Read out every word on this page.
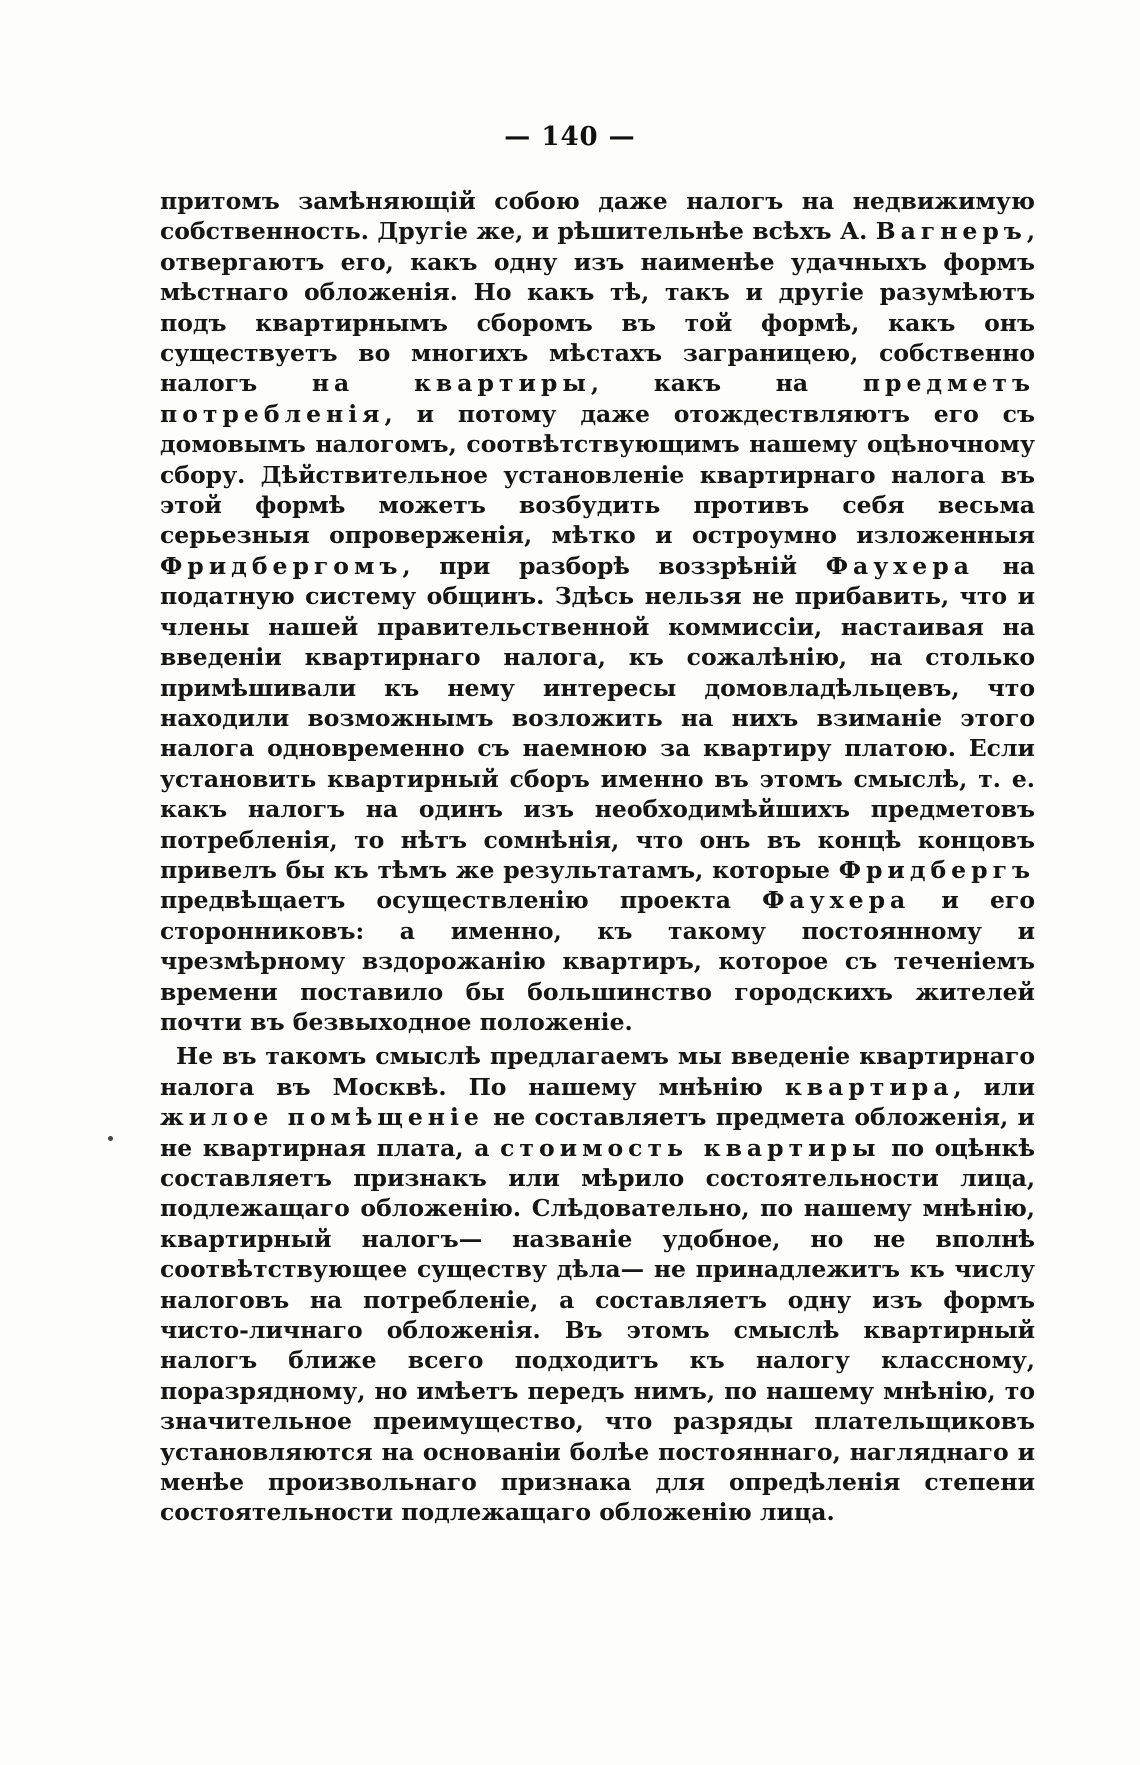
— 140 —

притомъ замѣняющій собою даже налогъ на недвижимую собственность. Другіе же, и рѣшительнѣе всѣхъ А. Вагнеръ, отвергаютъ его, какъ одну изъ наименѣе удачныхъ формъ мѣстнаго обложенія. Но какъ тѣ, такъ и другіе разумѣютъ подъ квартирнымъ сборомъ въ той формѣ, какъ онъ существуетъ во многихъ мѣстахъ заграницею, собственно налогъ на квартиры, какъ на предметъ потребленія, и потому даже отождествляютъ его съ домовымъ налогомъ, соотвѣтствующимъ нашему оцѣночному сбору. Дѣйствительное установленіе квартирнаго налога въ этой формѣ можетъ возбудить противъ себя весьма серьезныя опроверженія, мѣтко и остроумно изложенныя Фридбергомъ, при разборѣ воззрѣній Фаухера на податную систему общинъ. Здѣсь нельзя не прибавить, что и члены нашей правительственной коммиссіи, настаивая на введеніи квартирнаго налога, къ сожалѣнію, на столько примѣшивали къ нему интересы домовладѣльцевъ, что находили возможнымъ возложить на нихъ взиманіе этого налога одновременно съ наемною за квартиру платою. Если установить квартирный сборъ именно въ этомъ смыслѣ, т. е. какъ налогъ на одинъ изъ необходимѣйшихъ предметовъ потребленія, то нѣтъ сомнѣнія, что онъ въ концѣ концовъ привелъ бы къ тѣмъ же результатамъ, которые Фридбергъ предвѣщаетъ осуществленію проекта Фаухера и его сторонниковъ: а именно, къ такому постоянному и чрезмѣрному вздорожанію квартиръ, которое съ теченіемъ времени поставило бы большинство городскихъ жителей почти въ безвыходное положеніе.

Не въ такомъ смыслѣ предлагаемъ мы введеніе квартирнаго налога въ Москвѣ. По нашему мнѣнію квартира, или жилое помѣщеніе не составляетъ предмета обложенія, и не квартирная плата, а стоимость квартиры по оцѣнкѣ составляетъ признакъ или мѣрило состоятельности лица, подлежащаго обложенію. Слѣдовательно, по нашему мнѣнію, квартирный налогъ— названіе удобное, но не вполнѣ соотвѣтствующее существу дѣла— не принадлежитъ къ числу налоговъ на потребленіе, а составляетъ одну изъ формъ чисто-личнаго обложенія. Въ этомъ смыслѣ квартирный налогъ ближе всего подходитъ къ налогу классному, поразрядному, но имѣетъ передъ нимъ, по нашему мнѣнію, то значительное преимущество, что разряды плательщиковъ установляются на основаніи болѣе постояннаго, нагляднаго и менѣе произвольнаго признака для опредѣленія степени состоятельности подлежащаго обложенію лица.
